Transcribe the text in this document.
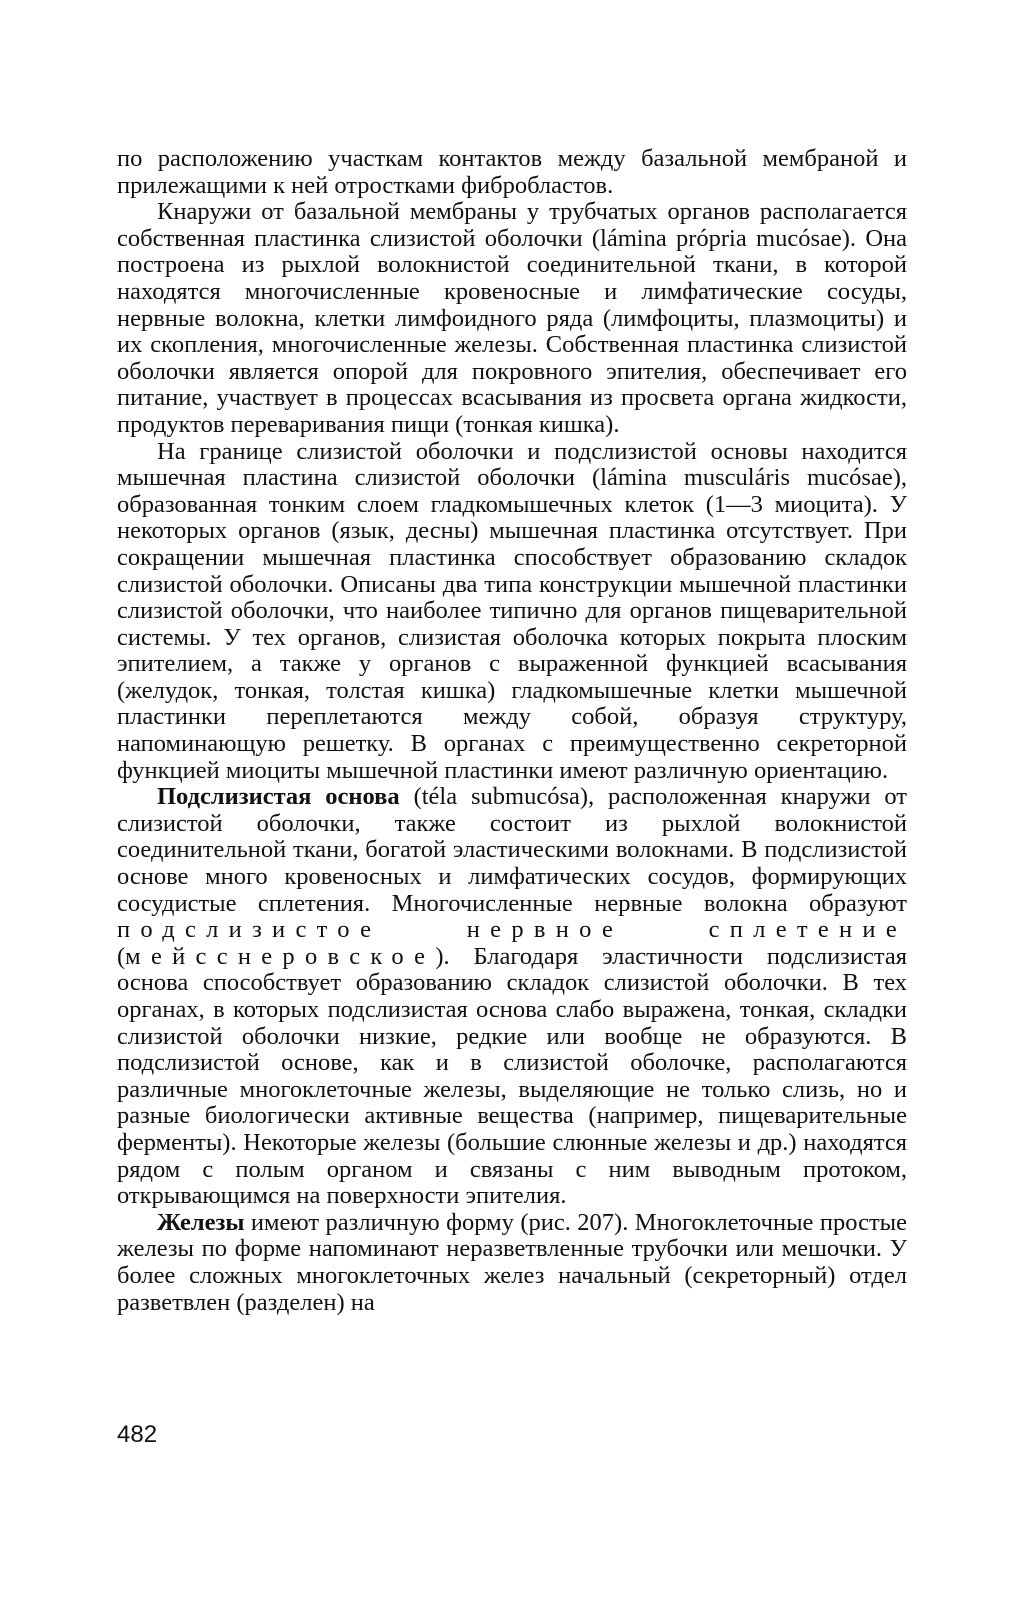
по расположению участкам контактов между базальной мембраной и прилежащими к ней отростками фибробластов.

Кнаружи от базальной мембраны у трубчатых органов располагается собственная пластинка слизистой оболочки (lámina própria mucósae). Она построена из рыхлой волокнистой соединительной ткани, в которой находятся многочисленные кровеносные и лимфатические сосуды, нервные волокна, клетки лимфоидного ряда (лимфоциты, плазмоциты) и их скопления, многочисленные железы. Собственная пластинка слизистой оболочки является опорой для покровного эпителия, обеспечивает его питание, участвует в процессах всасывания из просвета органа жидкости, продуктов переваривания пищи (тонкая кишка).

На границе слизистой оболочки и подслизистой основы находится мышечная пластина слизистой оболочки (lámina musculáris mucósae), образованная тонким слоем гладкомышечных клеток (1—3 миоцита). У некоторых органов (язык, десны) мышечная пластинка отсутствует. При сокращении мышечная пластинка способствует образованию складок слизистой оболочки. Описаны два типа конструкции мышечной пластинки слизистой оболочки, что наиболее типично для органов пищеварительной системы. У тех органов, слизистая оболочка которых покрыта плоским эпителием, а также у органов с выраженной функцией всасывания (желудок, тонкая, толстая кишка) гладкомышечные клетки мышечной пластинки переплетаются между собой, образуя структуру, напоминающую решетку. В органах с преимущественно секреторной функцией миоциты мышечной пластинки имеют различную ориентацию.

Подслизистая основа (téla submucósa), расположенная кнаружи от слизистой оболочки, также состоит из рыхлой волокнистой соединительной ткани, богатой эластическими волокнами. В подслизистой основе много кровеносных и лимфатических сосудов, формирующих сосудистые сплетения. Многочисленные нервные волокна образуют подслизистое нервное сплетение (мейсснеровское). Благодаря эластичности подслизистая основа способствует образованию складок слизистой оболочки. В тех органах, в которых подслизистая основа слабо выражена, тонкая, складки слизистой оболочки низкие, редкие или вообще не образуются. В подслизистой основе, как и в слизистой оболочке, располагаются различные многоклеточные железы, выделяющие не только слизь, но и разные биологически активные вещества (например, пищеварительные ферменты). Некоторые железы (большие слюнные железы и др.) находятся рядом с полым органом и связаны с ним выводным протоком, открывающимся на поверхности эпителия.

Железы имеют различную форму (рис. 207). Многоклеточные простые железы по форме напоминают неразветвленные трубочки или мешочки. У более сложных многоклеточных желез начальный (секреторный) отдел разветвлен (разделен) на

482
